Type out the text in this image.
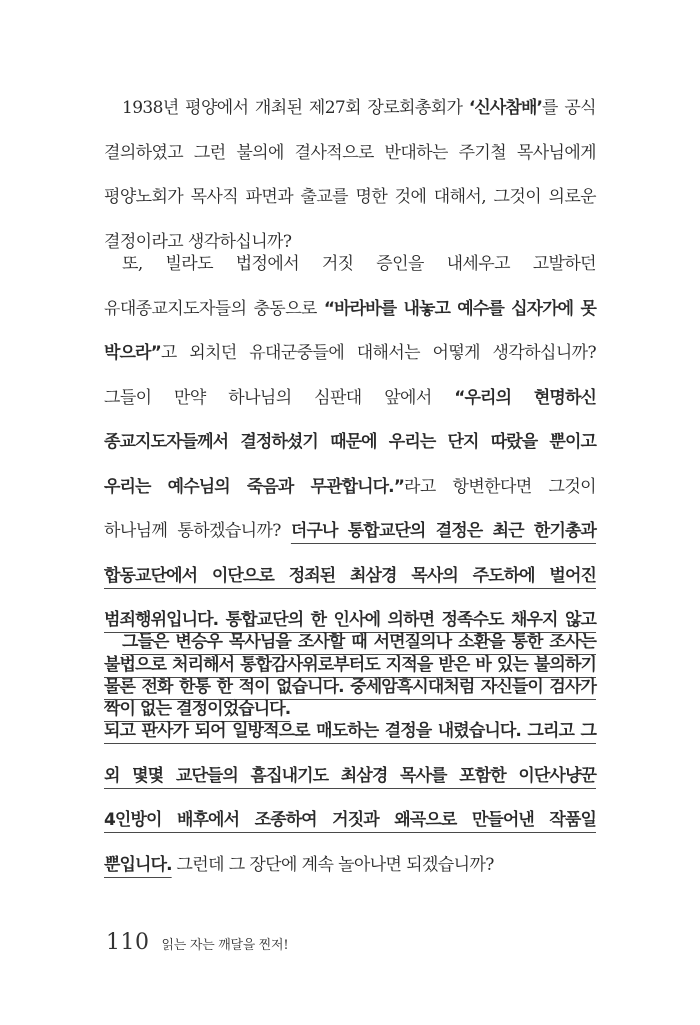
1938년 평양에서 개최된 제27회 장로회총회가 ‘신사참배’를 공식 결의하였고 그런 불의에 결사적으로 반대하는 주기철 목사님에게 평양노회가 목사직 파면과 출교를 명한 것에 대해서, 그것이 의로운 결정이라고 생각하십니까?

또, 빌라도 법정에서 거짓 증인을 내세우고 고발하던 유대종교지도자들의 충동으로 “바라바를 내놓고 예수를 십자가에 못 박으라”고 외치던 유대군중들에 대해서는 어떻게 생각하십니까? 그들이 만약 하나님의 심판대 앞에서 “우리의 현명하신 종교지도자들께서 결정하셨기 때문에 우리는 단지 따랐을 뿐이고 우리는 예수님의 죽음과 무관합니다.”라고 항변한다면 그것이 하나님께 통하겠습니까? 더구나 통합교단의 결정은 최근 한기총과 합동교단에서 이단으로 정죄된 최삼경 목사의 주도하에 벌어진 범죄행위입니다. 통합교단의 한 인사에 의하면 정족수도 채우지 않고 불법으로 처리해서 통합감사위로부터도 지적을 받은 바 있는 불의하기 짝이 없는 결정이었습니다.

그들은 변승우 목사님을 조사할 때 서면질의나 소환을 통한 조사는 물론 전화 한통 한 적이 없습니다. 중세암흑시대처럼 자신들이 검사가 되고 판사가 되어 일방적으로 매도하는 결정을 내렸습니다. 그리고 그 외 몇몇 교단들의 흠집내기도 최삼경 목사를 포함한 이단사냥꾼 4인방이 배후에서 조종하여 거짓과 왜곡으로 만들어낸 작품일 뿐입니다. 그런데 그 장단에 계속 놀아나면 되겠습니까?

110 읽는 자는 깨달을 찐저!
